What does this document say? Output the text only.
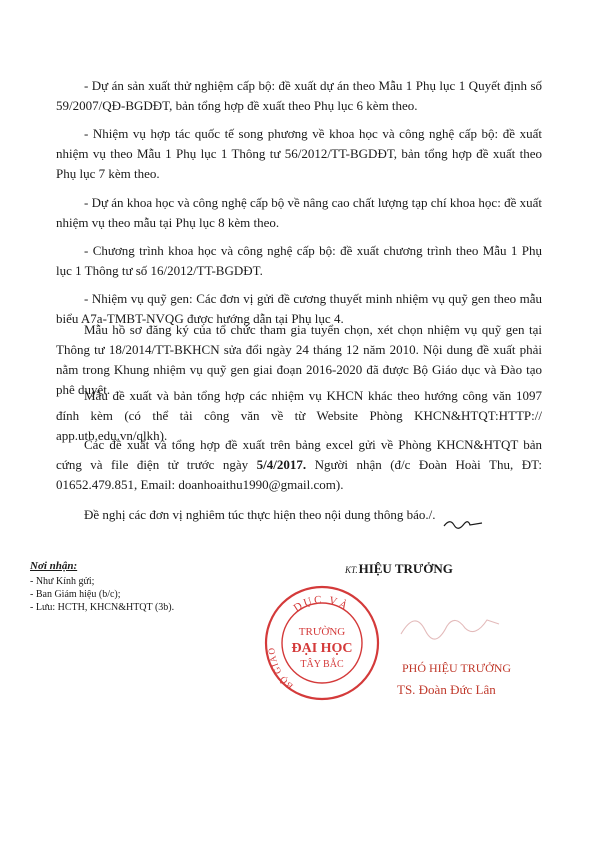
- Dự án sản xuất thử nghiệm cấp bộ: đề xuất dự án theo Mẫu 1 Phụ lục 1 Quyết định số 59/2007/QĐ-BGDĐT, bản tổng hợp đề xuất theo Phụ lục 6 kèm theo.

- Nhiệm vụ hợp tác quốc tế song phương về khoa học và công nghệ cấp bộ: đề xuất nhiệm vụ theo Mẫu 1 Phụ lục 1 Thông tư 56/2012/TT-BGDĐT, bản tổng hợp đề xuất theo Phụ lục 7 kèm theo.

- Dự án khoa học và công nghệ cấp bộ về nâng cao chất lượng tạp chí khoa học: đề xuất nhiệm vụ theo mẫu tại Phụ lục 8 kèm theo.

- Chương trình khoa học và công nghệ cấp bộ: đề xuất chương trình theo Mẫu 1 Phụ lục 1 Thông tư số 16/2012/TT-BGDĐT.

- Nhiệm vụ quỹ gen: Các đơn vị gửi đề cương thuyết minh nhiệm vụ quỹ gen theo mẫu biểu A7a-TMBT-NVQG được hướng dẫn tại Phụ lục 4.

Mẫu hồ sơ đăng ký của tổ chức tham gia tuyển chọn, xét chọn nhiệm vụ quỹ gen tại Thông tư 18/2014/TT-BKHCN sửa đổi ngày 24 tháng 12 năm 2010. Nội dung đề xuất phải nằm trong Khung nhiệm vụ quỹ gen giai đoạn 2016-2020 đã được Bộ Giáo dục và Đào tạo phê duyệt.

Mẫu đề xuất và bản tổng hợp các nhiệm vụ KHCN khác theo hướng công văn 1097 đính kèm (có thể tải công văn về từ Website Phòng KHCN&HTQT:HTTP:// app.utb.edu.vn/qlkh).

Các đề xuất và tổng hợp đề xuất trên bảng excel gửi về Phòng KHCN&HTQT bản cứng và file điện tử trước ngày 5/4/2017. Người nhận (đ/c Đoàn Hoài Thu, ĐT: 01652.479.851, Email: doanhoaithu1990@gmail.com).

Đề nghị các đơn vị nghiêm túc thực hiện theo nội dung thông báo./.

Nơi nhận:
- Như Kính gửi;
- Ban Giám hiệu (b/c);
- Lưu: HCTH, KHCN&HTQT (3b).
KT.HIỆU TRƯỞNG
DỤC VÀ
BỘ GIÁO
TRƯỜNG
ĐẠI HỌC
TÂY BẮC	PHÓ HIỆU TRƯỞNG
TS. Đoàn Đức Lân
